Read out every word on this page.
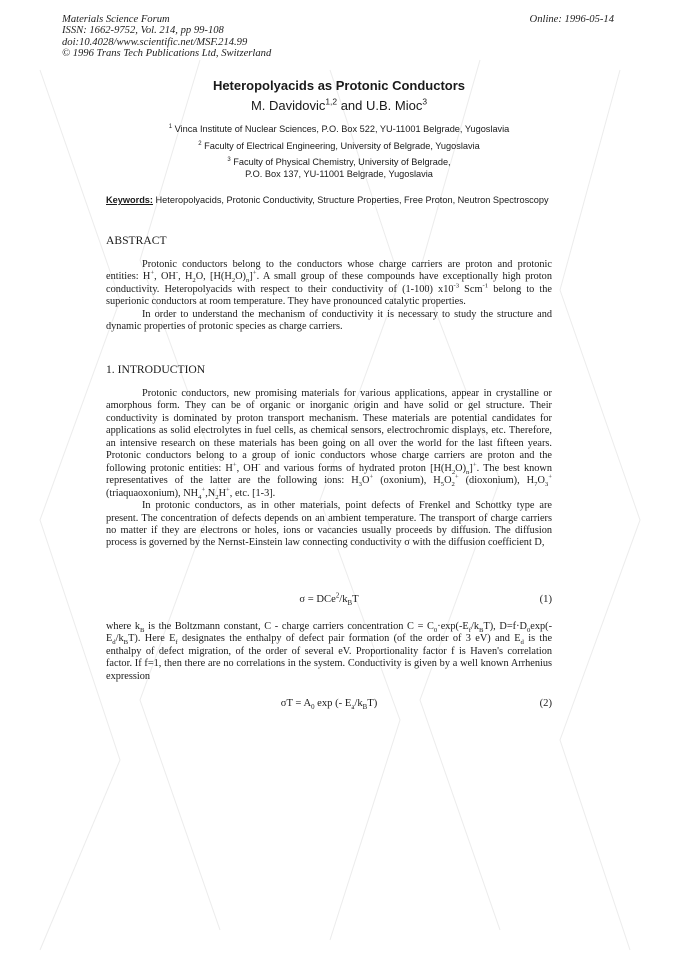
Materials Science Forum
ISSN: 1662-9752, Vol. 214, pp 99-108
doi:10.4028/www.scientific.net/MSF.214.99
© 1996 Trans Tech Publications Ltd, Switzerland
Online: 1996-05-14
Heteropolyacids as Protonic Conductors
M. Davidovic$^{1,2}$ and U.B. Mioc$^3$
$^1$ Vinca Institute of Nuclear Sciences, P.O. Box 522, YU-11001 Belgrade, Yugoslavia
$^2$ Faculty of Electrical Engineering, University of Belgrade, Yugoslavia
$^3$ Faculty of Physical Chemistry, University of Belgrade,
P.O. Box 137, YU-11001 Belgrade, Yugoslavia
Keywords: Heteropolyacids, Protonic Conductivity, Structure Properties, Free Proton, Neutron Spectroscopy
ABSTRACT

Protonic conductors belong to the conductors whose charge carriers are proton and protonic entities: H+, OH-, $H_2O$, $[H(H_2O)_n]^+$. A small group of these compounds have exceptionally high proton conductivity. Heteropolyacids with respect to their conductivity of (1-100) $x10^{-3}$ Scm$^{-1}$ belong to the superionic conductors at room temperature. They have pronounced catalytic properties.

In order to understand the mechanism of conductivity it is necessary to study the structure and dynamic properties of protonic species as charge carriers.

1. INTRODUCTION

Protonic conductors, new promising materials for various applications, appear in crystalline or amorphous form. They can be of organic or inorganic origin and have solid or gel structure. Their conductivity is dominated by proton transport mechanism. These materials are potential candidates for applications as solid electrolytes in fuel cells, as chemical sensors, electrochromic displays, etc. Therefore, an intensive research on these materials has been going on all over the world for the last fifteen years. Protonic conductors belong to a group of ionic conductors whose charge carriers are proton and the following protonic entities: H+, OH- and various forms of hydrated proton $[H(H_2O)_n]^+$. The best known representatives of the latter are the following ions: $H_3O^+$ (oxonium), $H_5O_2^+$ (dioxonium), $H_7O_3^+$ (triaquaoxonium), $NH_4^+,N_2H^+$, etc. [1-3].

In protonic conductors, as in other materials, point defects of Frenkel and Schottky type are present. The concentration of defects depends on an ambient temperature. The transport of charge carriers no matter if they are electrons or holes, ions or vacancies usually proceeds by diffusion. The diffusion process is governed by the Nernst-Einstein law connecting conductivity σ with the diffusion coefficient D,

$\sigma = DCe^2/k_BT$	(1)

where $k_B$ is the Boltzmann constant, C - charge carriers concentration $C = C_0\cdot\exp(-E_f/k_BT)$, $D=f\cdot D_0\exp(-E_d/k_BT)$. Here $E_f$ designates the enthalpy of defect pair formation (of the order of 3 eV) and $E_d$ is the enthalpy of defect migration, of the order of several eV. Proportionality factor f is Haven's correlation factor. If f=1, then there are no correlations in the system. Conductivity is given by a well known Arrhenius expression

$\sigma T = A_0$ exp (- $E_a/k_BT$)	(2)
